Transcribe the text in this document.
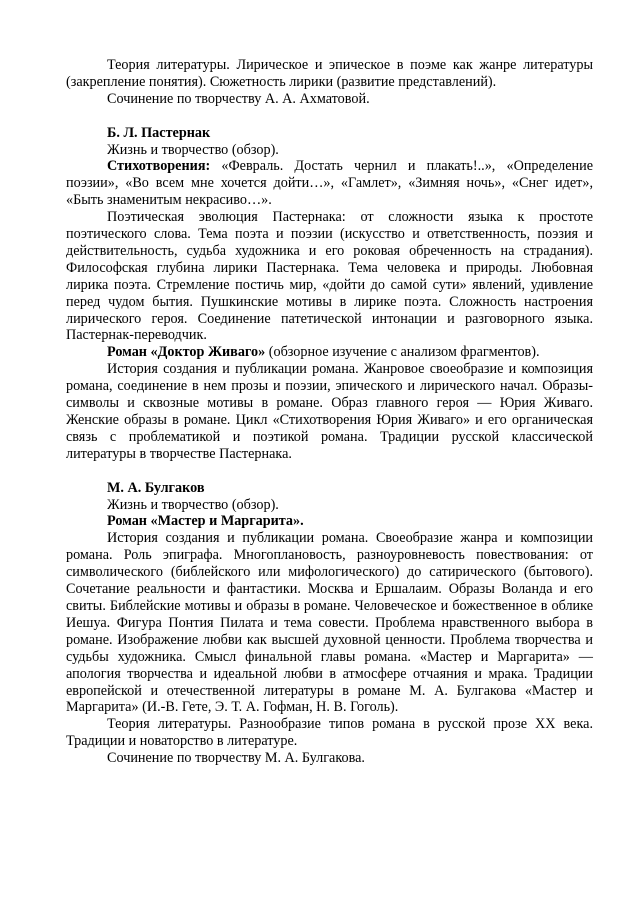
Теория литературы. Лирическое и эпическое в поэме как жанре литературы (закрепление понятия). Сюжетность лирики (развитие представлений).

Сочинение по творчеству А. А. Ахматовой.

Б. Л. Пастернак

Жизнь и творчество (обзор).

Стихотворения: «Февраль. Достать чернил и плакать!..», «Определение поэзии», «Во всем мне хочется дойти…», «Гамлет», «Зимняя ночь», «Снег идет», «Быть знаменитым некрасиво…».

Поэтическая эволюция Пастернака: от сложности языка к простоте поэтического слова. Тема поэта и поэзии (искусство и ответственность, поэзия и действительность, судьба художника и его роковая обреченность на страдания). Философская глубина лирики Пастернака. Тема человека и природы. Любовная лирика поэта. Стремление постичь мир, «дойти до самой сути» явлений, удивление перед чудом бытия. Пушкинские мотивы в лирике поэта. Сложность настроения лирического героя. Соединение патетической интонации и разговорного языка. Пастернак-переводчик.

Роман «Доктор Живаго» (обзорное изучение с анализом фрагментов).

История создания и публикации романа. Жанровое своеобразие и композиция романа, соединение в нем прозы и поэзии, эпического и лирического начал. Образы-символы и сквозные мотивы в романе. Образ главного героя — Юрия Живаго. Женские образы в романе. Цикл «Стихотворения Юрия Живаго» и его органическая связь с проблематикой и поэтикой романа. Традиции русской классической литературы в творчестве Пастернака.

М. А. Булгаков

Жизнь и творчество (обзор).

Роман «Мастер и Маргарита».

История создания и публикации романа. Своеобразие жанра и композиции романа. Роль эпиграфа. Многоплановость, разноуровневость повествования: от символического (библейского или мифологического) до сатирического (бытового). Сочетание реальности и фантастики. Москва и Ершалаим. Образы Воланда и его свиты. Библейские мотивы и образы в романе. Человеческое и божественное в облике Иешуа. Фигура Понтия Пилата и тема совести. Проблема нравственного выбора в романе. Изображение любви как высшей духовной ценности. Проблема творчества и судьбы художника. Смысл финальной главы романа. «Мастер и Маргарита» — апология творчества и идеальной любви в атмосфере отчаяния и мрака. Традиции европейской и отечественной литературы в романе М. А. Булгакова «Мастер и Маргарита» (И.-В. Гете, Э. Т. А. Гофман, Н. В. Гоголь).

Теория литературы. Разнообразие типов романа в русской прозе XX века. Традиции и новаторство в литературе.

Сочинение по творчеству М. А. Булгакова.
